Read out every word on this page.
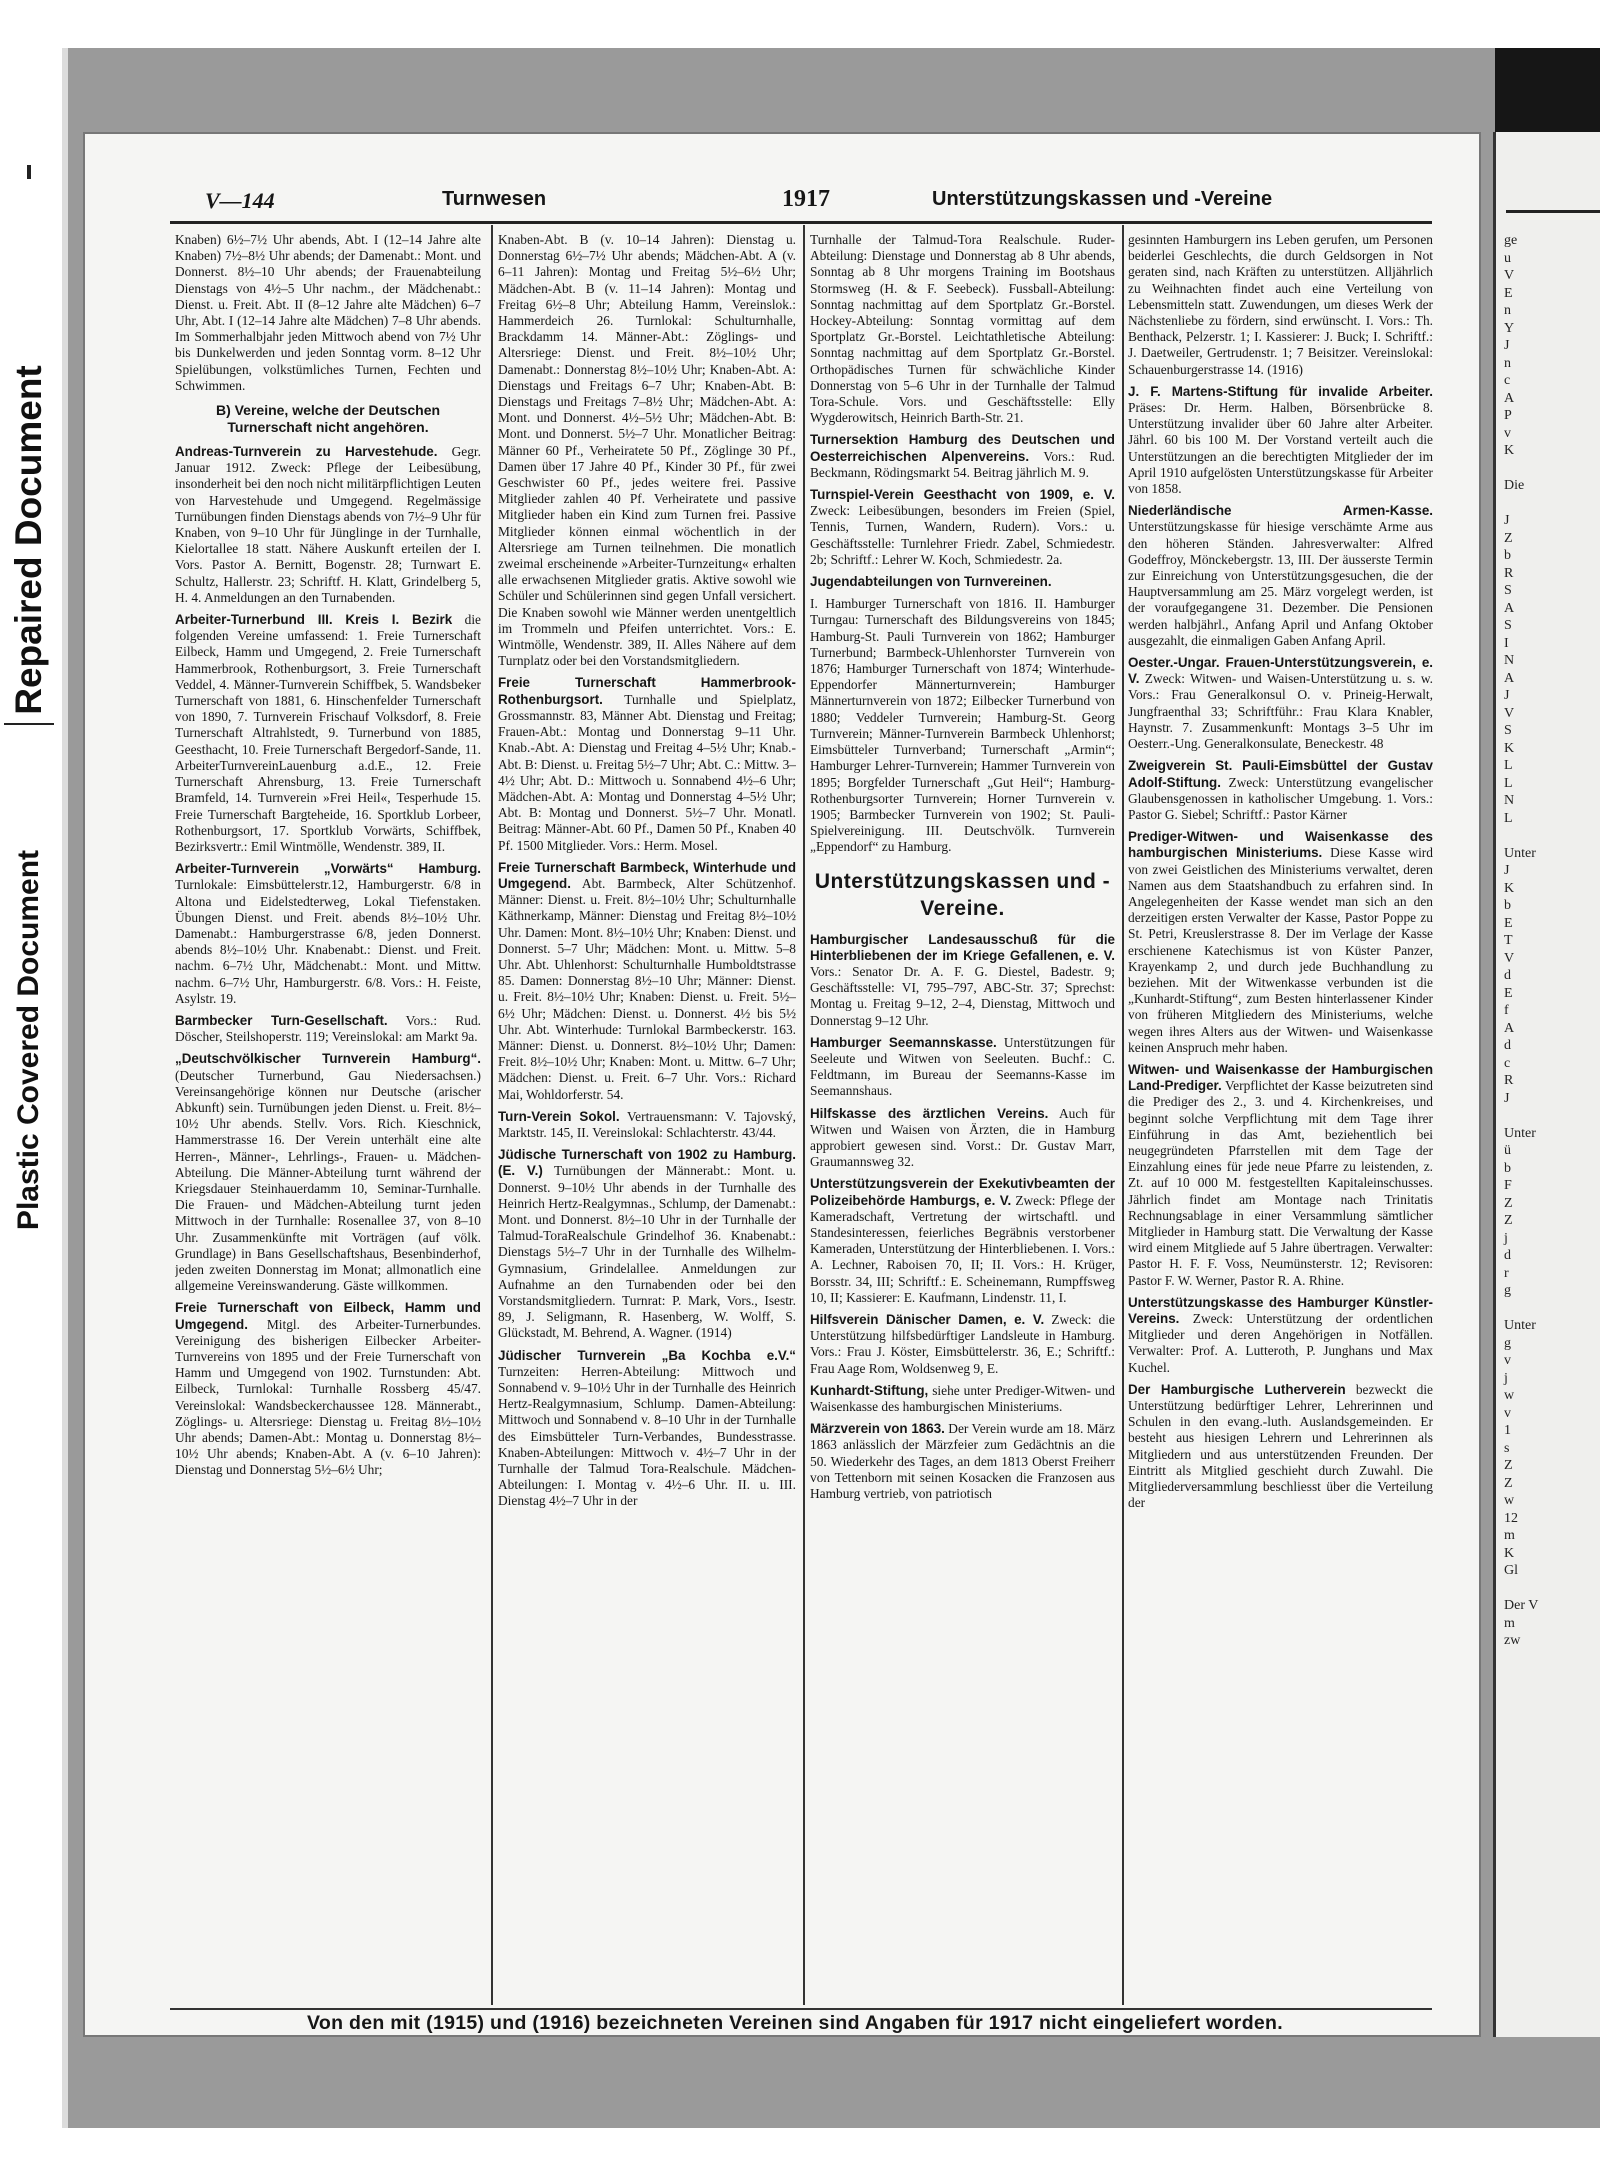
Repaired Document
Plastic Covered Document
ge
u
V
E
n
Y
J
n
c
A
P
v
K

Die

J
Z
b
R
S
A
S
I
N
A
J
V
S
K
L
L
N
L

Unter
J
K
b
E
T
V
d
E
f
A
d
c
R
J

Unter
ü
b
F
Z
Z
j
d
r
g

Unter
g
v
j
w
v
1
s
Z
Z
w
12
m
K
Gl

Der V
m
zw
V—144	Turnwesen	1917	Unterstützungskassen und -Vereine

Knaben) 6½–7½ Uhr abends, Abt. I (12–14 Jahre alte Knaben) 7½–8½ Uhr abends; der Damenabt.: Mont. und Donnerst. 8½–10 Uhr abends; der Frauenabteilung Dienstags von 4½–5 Uhr nachm., der Mädchenabt.: Dienst. u. Freit. Abt. II (8–12 Jahre alte Mädchen) 6–7 Uhr, Abt. I (12–14 Jahre alte Mädchen) 7–8 Uhr abends. Im Sommerhalbjahr jeden Mittwoch abend von 7½ Uhr bis Dunkelwerden und jeden Sonntag vorm. 8–12 Uhr Spielübungen, volkstümliches Turnen, Fechten und Schwimmen.

B) Vereine, welche der Deutschen Turnerschaft nicht angehören.

Andreas-Turnverein zu Harvestehude. Gegr. Januar 1912. Zweck: Pflege der Leibesübung, insonderheit bei den noch nicht militärpflichtigen Leuten von Harvestehude und Umgegend. Regelmässige Turnübungen finden Dienstags abends von 7½–9 Uhr für Knaben, von 9–10 Uhr für Jünglinge in der Turnhalle, Kielortallee 18 statt. Nähere Auskunft erteilen der I. Vors. Pastor A. Bernitt, Bogenstr. 28; Turnwart E. Schultz, Hallerstr. 23; Schriftf. H. Klatt, Grindelberg 5, H. 4. Anmeldungen an den Turnabenden.

Arbeiter-Turnerbund III. Kreis I. Bezirk die folgenden Vereine umfassend: 1. Freie Turnerschaft Eilbeck, Hamm und Umgegend, 2. Freie Turnerschaft Hammerbrook, Rothenburgsort, 3. Freie Turnerschaft Veddel, 4. Männer-Turnverein Schiffbek, 5. Wandsbeker Turnerschaft von 1881, 6. Hinschenfelder Turnerschaft von 1890, 7. Turnverein Frischauf Volksdorf, 8. Freie Turnerschaft Altrahlstedt, 9. Turnerbund von 1885, Geesthacht, 10. Freie Turnerschaft Bergedorf-Sande, 11. ArbeiterTurnvereinLauenburg a.d.E., 12. Freie Turnerschaft Ahrensburg, 13. Freie Turnerschaft Bramfeld, 14. Turnverein »Frei Heil«, Tesperhude 15. Freie Turnerschaft Bargteheide, 16. Sportklub Lorbeer, Rothenburgsort, 17. Sportklub Vorwärts, Schiffbek, Bezirksvertr.: Emil Wintmölle, Wendenstr. 389, II.

Arbeiter-Turnverein „Vorwärts“ Hamburg. Turnlokale: Eimsbüttelerstr.12, Hamburgerstr. 6/8 in Altona und Eidelstedterweg, Lokal Tiefenstaken. Übungen Dienst. und Freit. abends 8½–10½ Uhr. Damenabt.: Hamburgerstrasse 6/8, jeden Donnerst. abends 8½–10½ Uhr. Knabenabt.: Dienst. und Freit. nachm. 6–7½ Uhr, Mädchenabt.: Mont. und Mittw. nachm. 6–7½ Uhr, Hamburgerstr. 6/8. Vors.: H. Feiste, Asylstr. 19.

Barmbecker Turn-Gesellschaft. Vors.: Rud. Döscher, Steilshoperstr. 119; Vereinslokal: am Markt 9a.

„Deutschvölkischer Turnverein Hamburg“. (Deutscher Turnerbund, Gau Niedersachsen.) Vereinsangehörige können nur Deutsche (arischer Abkunft) sein. Turnübungen jeden Dienst. u. Freit. 8½–10½ Uhr abends. Stellv. Vors. Rich. Kieschnick, Hammerstrasse 16. Der Verein unterhält eine alte Herren-, Männer-, Lehrlings-, Frauen- u. Mädchen-Abteilung. Die Männer-Abteilung turnt während der Kriegsdauer Steinhauerdamm 10, Seminar-Turnhalle. Die Frauen- und Mädchen-Abteilung turnt jeden Mittwoch in der Turnhalle: Rosenallee 37, von 8–10 Uhr. Zusammenkünfte mit Vorträgen (auf völk. Grundlage) in Bans Gesellschaftshaus, Besenbinderhof, jeden zweiten Donnerstag im Monat; allmonatlich eine allgemeine Vereinswanderung. Gäste willkommen.

Freie Turnerschaft von Eilbeck, Hamm und Umgegend. Mitgl. des Arbeiter-Turnerbundes. Vereinigung des bisherigen Eilbecker Arbeiter-Turnvereins von 1895 und der Freie Turnerschaft von Hamm und Umgegend von 1902. Turnstunden: Abt. Eilbeck, Turnlokal: Turnhalle Rossberg 45/47. Vereinslokal: Wandsbeckerchaussee 128. Männerabt., Zöglings- u. Altersriege: Dienstag u. Freitag 8½–10½ Uhr abends; Damen-Abt.: Montag u. Donnerstag 8½–10½ Uhr abends; Knaben-Abt. A (v. 6–10 Jahren): Dienstag und Donnerstag 5½–6½ Uhr;

Knaben-Abt. B (v. 10–14 Jahren): Dienstag u. Donnerstag 6½–7½ Uhr abends; Mädchen-Abt. A (v. 6–11 Jahren): Montag und Freitag 5½–6½ Uhr; Mädchen-Abt. B (v. 11–14 Jahren): Montag und Freitag 6½–8 Uhr; Abteilung Hamm, Vereinslok.: Hammerdeich 26. Turnlokal: Schulturnhalle, Brackdamm 14. Männer-Abt.: Zöglings- und Altersriege: Dienst. und Freit. 8½–10½ Uhr; Damenabt.: Donnerstag 8½–10½ Uhr; Knaben-Abt. A: Dienstags und Freitags 6–7 Uhr; Knaben-Abt. B: Dienstags und Freitags 7–8½ Uhr; Mädchen-Abt. A: Mont. und Donnerst. 4½–5½ Uhr; Mädchen-Abt. B: Mont. und Donnerst. 5½–7 Uhr. Monatlicher Beitrag: Männer 60 Pf., Verheiratete 50 Pf., Zöglinge 30 Pf., Damen über 17 Jahre 40 Pf., Kinder 30 Pf., für zwei Geschwister 60 Pf., jedes weitere frei. Passive Mitglieder zahlen 40 Pf. Verheiratete und passive Mitglieder haben ein Kind zum Turnen frei. Passive Mitglieder können einmal wöchentlich in der Altersriege am Turnen teilnehmen. Die monatlich zweimal erscheinende »Arbeiter-Turnzeitung« erhalten alle erwachsenen Mitglieder gratis. Aktive sowohl wie Schüler und Schülerinnen sind gegen Unfall versichert. Die Knaben sowohl wie Männer werden unentgeltlich im Trommeln und Pfeifen unterrichtet. Vors.: E. Wintmölle, Wendenstr. 389, II. Alles Nähere auf dem Turnplatz oder bei den Vorstandsmitgliedern.

Freie Turnerschaft Hammerbrook-Rothenburgsort. Turnhalle und Spielplatz, Grossmannstr. 83, Männer Abt. Dienstag und Freitag; Frauen-Abt.: Montag und Donnerstag 9–11 Uhr. Knab.-Abt. A: Dienstag und Freitag 4–5½ Uhr; Knab.-Abt. B: Dienst. u. Freitag 5½–7 Uhr; Abt. C.: Mittw. 3–4½ Uhr; Abt. D.: Mittwoch u. Sonnabend 4½–6 Uhr; Mädchen-Abt. A: Montag und Donnerstag 4–5½ Uhr; Abt. B: Montag und Donnerst. 5½–7 Uhr. Monatl. Beitrag: Männer-Abt. 60 Pf., Damen 50 Pf., Knaben 40 Pf. 1500 Mitglieder. Vors.: Herm. Mosel.

Freie Turnerschaft Barmbeck, Winterhude und Umgegend. Abt. Barmbeck, Alter Schützenhof. Männer: Dienst. u. Freit. 8½–10½ Uhr; Schulturnhalle Käthnerkamp, Männer: Dienstag und Freitag 8½–10½ Uhr. Damen: Mont. 8½–10½ Uhr; Knaben: Dienst. und Donnerst. 5–7 Uhr; Mädchen: Mont. u. Mittw. 5–8 Uhr. Abt. Uhlenhorst: Schulturnhalle Humboldtstrasse 85. Damen: Donnerstag 8½–10 Uhr; Männer: Dienst. u. Freit. 8½–10½ Uhr; Knaben: Dienst. u. Freit. 5½–6½ Uhr; Mädchen: Dienst. u. Donnerst. 4½ bis 5½ Uhr. Abt. Winterhude: Turnlokal Barmbeckerstr. 163. Männer: Dienst. u. Donnerst. 8½–10½ Uhr; Damen: Freit. 8½–10½ Uhr; Knaben: Mont. u. Mittw. 6–7 Uhr; Mädchen: Dienst. u. Freit. 6–7 Uhr. Vors.: Richard Mai, Wohldorferstr. 54.

Turn-Verein Sokol. Vertrauensmann: V. Tajovský, Marktstr. 145, II. Vereinslokal: Schlachterstr. 43/44.

Jüdische Turnerschaft von 1902 zu Hamburg. (E. V.) Turnübungen der Männerabt.: Mont. u. Donnerst. 9–10½ Uhr abends in der Turnhalle des Heinrich Hertz-Realgymnas., Schlump, der Damenabt.: Mont. und Donnerst. 8½–10 Uhr in der Turnhalle der Talmud-ToraRealschule Grindelhof 36. Knabenabt.: Dienstags 5½–7 Uhr in der Turnhalle des Wilhelm-Gymnasium, Grindelallee. Anmeldungen zur Aufnahme an den Turnabenden oder bei den Vorstandsmitgliedern. Turnrat: P. Mark, Vors., Isestr. 89, J. Seligmann, R. Hasenberg, W. Wolff, S. Glückstadt, M. Behrend, A. Wagner. (1914)

Jüdischer Turnverein „Ba Kochba e.V.“ Turnzeiten: Herren-Abteilung: Mittwoch und Sonnabend v. 9–10½ Uhr in der Turnhalle des Heinrich Hertz-Realgymnasium, Schlump. Damen-Abteilung: Mittwoch und Sonnabend v. 8–10 Uhr in der Turnhalle des Eimsbütteler Turn-Verbandes, Bundesstrasse. Knaben-Abteilungen: Mittwoch v. 4½–7 Uhr in der Turnhalle der Talmud Tora-Realschule. Mädchen-Abteilungen: I. Montag v. 4½–6 Uhr. II. u. III. Dienstag 4½–7 Uhr in der

Turnhalle der Talmud-Tora Realschule. Ruder-Abteilung: Dienstage und Donnerstag ab 8 Uhr abends, Sonntag ab 8 Uhr morgens Training im Bootshaus Stormsweg (H. & F. Seebeck). Fussball-Abteilung: Sonntag nachmittag auf dem Sportplatz Gr.-Borstel. Hockey-Abteilung: Sonntag vormittag auf dem Sportplatz Gr.-Borstel. Leichtathletische Abteilung: Sonntag nachmittag auf dem Sportplatz Gr.-Borstel. Orthopädisches Turnen für schwächliche Kinder Donnerstag von 5–6 Uhr in der Turnhalle der Talmud Tora-Schule. Vors. und Geschäftsstelle: Elly Wygderowitsch, Heinrich Barth-Str. 21.

Turnersektion Hamburg des Deutschen und Oesterreichischen Alpenvereins. Vors.: Rud. Beckmann, Rödingsmarkt 54. Beitrag jährlich M. 9.

Turnspiel-Verein Geesthacht von 1909, e. V. Zweck: Leibesübungen, besonders im Freien (Spiel, Tennis, Turnen, Wandern, Rudern). Vors.: u. Geschäftsstelle: Turnlehrer Friedr. Zabel, Schmiedestr. 2b; Schriftf.: Lehrer W. Koch, Schmiedestr. 2a.

Jugendabteilungen von Turnvereinen.

I. Hamburger Turnerschaft von 1816. II. Hamburger Turngau: Turnerschaft des Bildungsvereins von 1845; Hamburg-St. Pauli Turnverein von 1862; Hamburger Turnerbund; Barmbeck-Uhlenhorster Turnverein von 1876; Hamburger Turnerschaft von 1874; Winterhude-Eppendorfer Männerturnverein; Hamburger Männerturnverein von 1872; Eilbecker Turnerbund von 1880; Veddeler Turnverein; Hamburg-St. Georg Turnverein; Männer-Turnverein Barmbeck Uhlenhorst; Eimsbütteler Turnverband; Turnerschaft „Armin“; Hamburger Lehrer-Turnverein; Hammer Turnverein von 1895; Borgfelder Turnerschaft „Gut Heil“; Hamburg-Rothenburgsorter Turnverein; Horner Turnverein v. 1905; Barmbecker Turnverein von 1902; St. Pauli-Spielvereinigung. III. Deutschvölk. Turnverein „Eppendorf“ zu Hamburg.

Unterstützungskassen und -Vereine.

Hamburgischer Landesausschuß für die Hinterbliebenen der im Kriege Gefallenen, e. V. Vors.: Senator Dr. A. F. G. Diestel, Badestr. 9; Geschäftsstelle: VI, 795–797, ABC-Str. 37; Sprechst: Montag u. Freitag 9–12, 2–4, Dienstag, Mittwoch und Donnerstag 9–12 Uhr.

Hamburger Seemannskasse. Unterstützungen für Seeleute und Witwen von Seeleuten. Buchf.: C. Feldtmann, im Bureau der Seemanns-Kasse im Seemannshaus.

Hilfskasse des ärztlichen Vereins. Auch für Witwen und Waisen von Ärzten, die in Hamburg approbiert gewesen sind. Vorst.: Dr. Gustav Marr, Graumannsweg 32.

Unterstützungsverein der Exekutivbeamten der Polizeibehörde Hamburgs, e. V. Zweck: Pflege der Kameradschaft, Vertretung der wirtschaftl. und Standesinteressen, feierliches Begräbnis verstorbener Kameraden, Unterstützung der Hinterbliebenen. I. Vors.: A. Lechner, Raboisen 70, II; II. Vors.: H. Krüger, Borsstr. 34, III; Schriftf.: E. Scheinemann, Rumpffsweg 10, II; Kassierer: E. Kaufmann, Lindenstr. 11, I.

Hilfsverein Dänischer Damen, e. V. Zweck: die Unterstützung hilfsbedürftiger Landsleute in Hamburg. Vors.: Frau J. Köster, Eimsbüttelerstr. 36, E.; Schriftf.: Frau Aage Rom, Woldsenweg 9, E.

Kunhardt-Stiftung, siehe unter Prediger-Witwen- und Waisenkasse des hamburgischen Ministeriums.

Märzverein von 1863. Der Verein wurde am 18. März 1863 anlässlich der Märzfeier zum Gedächtnis an die 50. Wiederkehr des Tages, an dem 1813 Oberst Freiherr von Tettenborn mit seinen Kosacken die Franzosen aus Hamburg vertrieb, von patriotisch

gesinnten Hamburgern ins Leben gerufen, um Personen beiderlei Geschlechts, die durch Geldsorgen in Not geraten sind, nach Kräften zu unterstützen. Alljährlich zu Weihnachten findet auch eine Verteilung von Lebensmitteln statt. Zuwendungen, um dieses Werk der Nächstenliebe zu fördern, sind erwünscht. I. Vors.: Th. Benthack, Pelzerstr. 1; I. Kassierer: J. Buck; I. Schriftf.: J. Daetweiler, Gertrudenstr. 1; 7 Beisitzer. Vereinslokal: Schauenburgerstrasse 14. (1916)

J. F. Martens-Stiftung für invalide Arbeiter. Präses: Dr. Herm. Halben, Börsenbrücke 8. Unterstützung invalider über 60 Jahre alter Arbeiter. Jährl. 60 bis 100 M. Der Vorstand verteilt auch die Unterstützungen an die berechtigten Mitglieder der im April 1910 aufgelösten Unterstützungskasse für Arbeiter von 1858.

Niederländische Armen-Kasse. Unterstützungskasse für hiesige verschämte Arme aus den höheren Ständen. Jahresverwalter: Alfred Godeffroy, Mönckebergstr. 13, III. Der äusserste Termin zur Einreichung von Unterstützungsgesuchen, die der Hauptversammlung am 25. März vorgelegt werden, ist der voraufgegangene 31. Dezember. Die Pensionen werden halbjährl., Anfang April und Anfang Oktober ausgezahlt, die einmaligen Gaben Anfang April.

Oester.-Ungar. Frauen-Unterstützungsverein, e. V. Zweck: Witwen- und Waisen-Unterstützung u. s. w. Vors.: Frau Generalkonsul O. v. Prineig-Herwalt, Jungfraenthal 33; Schriftführ.: Frau Klara Knabler, Haynstr. 7. Zusammenkunft: Montags 3–5 Uhr im Oesterr.-Ung. Generalkonsulate, Beneckestr. 48

Zweigverein St. Pauli-Eimsbüttel der Gustav Adolf-Stiftung. Zweck: Unterstützung evangelischer Glaubensgenossen in katholischer Umgebung. 1. Vors.: Pastor G. Siebel; Schriftf.: Pastor Kärner

Prediger-Witwen- und Waisenkasse des hamburgischen Ministeriums. Diese Kasse wird von zwei Geistlichen des Ministeriums verwaltet, deren Namen aus dem Staatshandbuch zu erfahren sind. In Angelegenheiten der Kasse wendet man sich an den derzeitigen ersten Verwalter der Kasse, Pastor Poppe zu St. Petri, Kreuslerstrasse 8. Der im Verlage der Kasse erschienene Katechismus ist von Küster Panzer, Krayenkamp 2, und durch jede Buchhandlung zu beziehen. Mit der Witwenkasse verbunden ist die „Kunhardt-Stiftung“, zum Besten hinterlassener Kinder von früheren Mitgliedern des Ministeriums, welche wegen ihres Alters aus der Witwen- und Waisenkasse keinen Anspruch mehr haben.

Witwen- und Waisenkasse der Hamburgischen Land-Prediger. Verpflichtet der Kasse beizutreten sind die Prediger des 2., 3. und 4. Kirchenkreises, und beginnt solche Verpflichtung mit dem Tage ihrer Einführung in das Amt, beziehentlich bei neugegründeten Pfarrstellen mit dem Tage der Einzahlung eines für jede neue Pfarre zu leistenden, z. Zt. auf 10 000 M. festgestellten Kapitaleinschusses. Jährlich findet am Montage nach Trinitatis Rechnungsablage in einer Versammlung sämtlicher Mitglieder in Hamburg statt. Die Verwaltung der Kasse wird einem Mitgliede auf 5 Jahre übertragen. Verwalter: Pastor H. F. F. Voss, Neumünsterstr. 12; Revisoren: Pastor F. W. Werner, Pastor R. A. Rhine.

Unterstützungskasse des Hamburger Künstler-Vereins. Zweck: Unterstützung der ordentlichen Mitglieder und deren Angehörigen in Notfällen. Verwalter: Prof. A. Lutteroth, P. Junghans und Max Kuchel.

Der Hamburgische Lutherverein bezweckt die Unterstützung bedürftiger Lehrer, Lehrerinnen und Schulen in den evang.-luth. Auslandsgemeinden. Er besteht aus hiesigen Lehrern und Lehrerinnen als Mitgliedern und aus unterstützenden Freunden. Der Eintritt als Mitglied geschieht durch Zuwahl. Die Mitgliederversammlung beschliesst über die Verteilung der

Von den mit (1915) und (1916) bezeichneten Vereinen sind Angaben für 1917 nicht eingeliefert worden.
